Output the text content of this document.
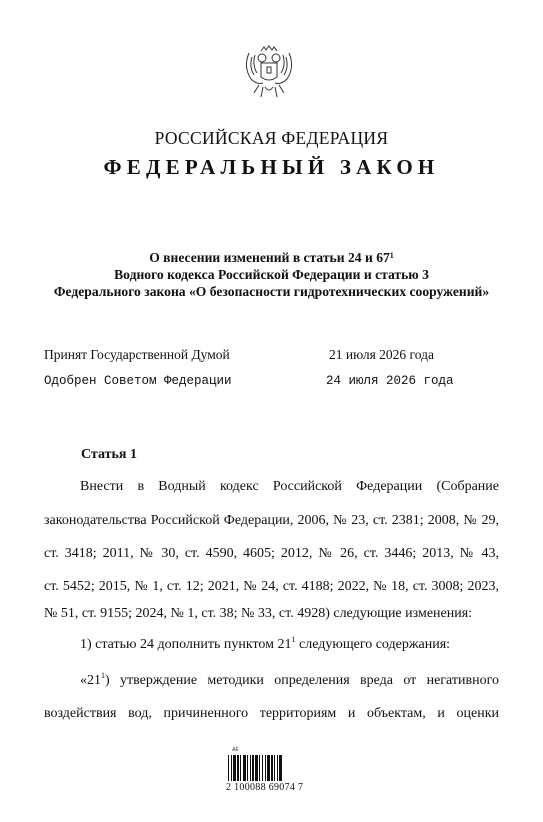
РОССИЙСКАЯ ФЕДЕРАЦИЯ
ФЕДЕРАЛЬНЫЙ ЗАКОН
О внесении изменений в статьи 24 и $67^1$
Водного кодекса Российской Федерации и статью 3
Федерального закона «О безопасности гидротехнических сооружений»
Принят Государственной Думой	21 июля 2026 года
Одобрен Советом Федерации	24 июля 2026 года
Статья 1
Внести в Водный кодекс Российской Федерации (Собрание
законодательства Российской Федерации, 2006, № 23, ст. 2381; 2008, № 29,
ст. 3418; 2011, № 30, ст. 4590, 4605; 2012, № 26, ст. 3446; 2013, № 43,
ст. 5452; 2015, № 1, ст. 12; 2021, № 24, ст. 4188; 2022, № 18, ст. 3008; 2023,
№ 51, ст. 9155; 2024, № 1, ст. 38; № 33, ст. 4928) следующие изменения:
1) статью 24 дополнить пунктом $21^1$ следующего содержания:
«$21^1$) утверждение методики определения вреда от негативного
воздействия вод, причиненного территориям и объектам, и оценки
АЕ
2 100088 69074 7
